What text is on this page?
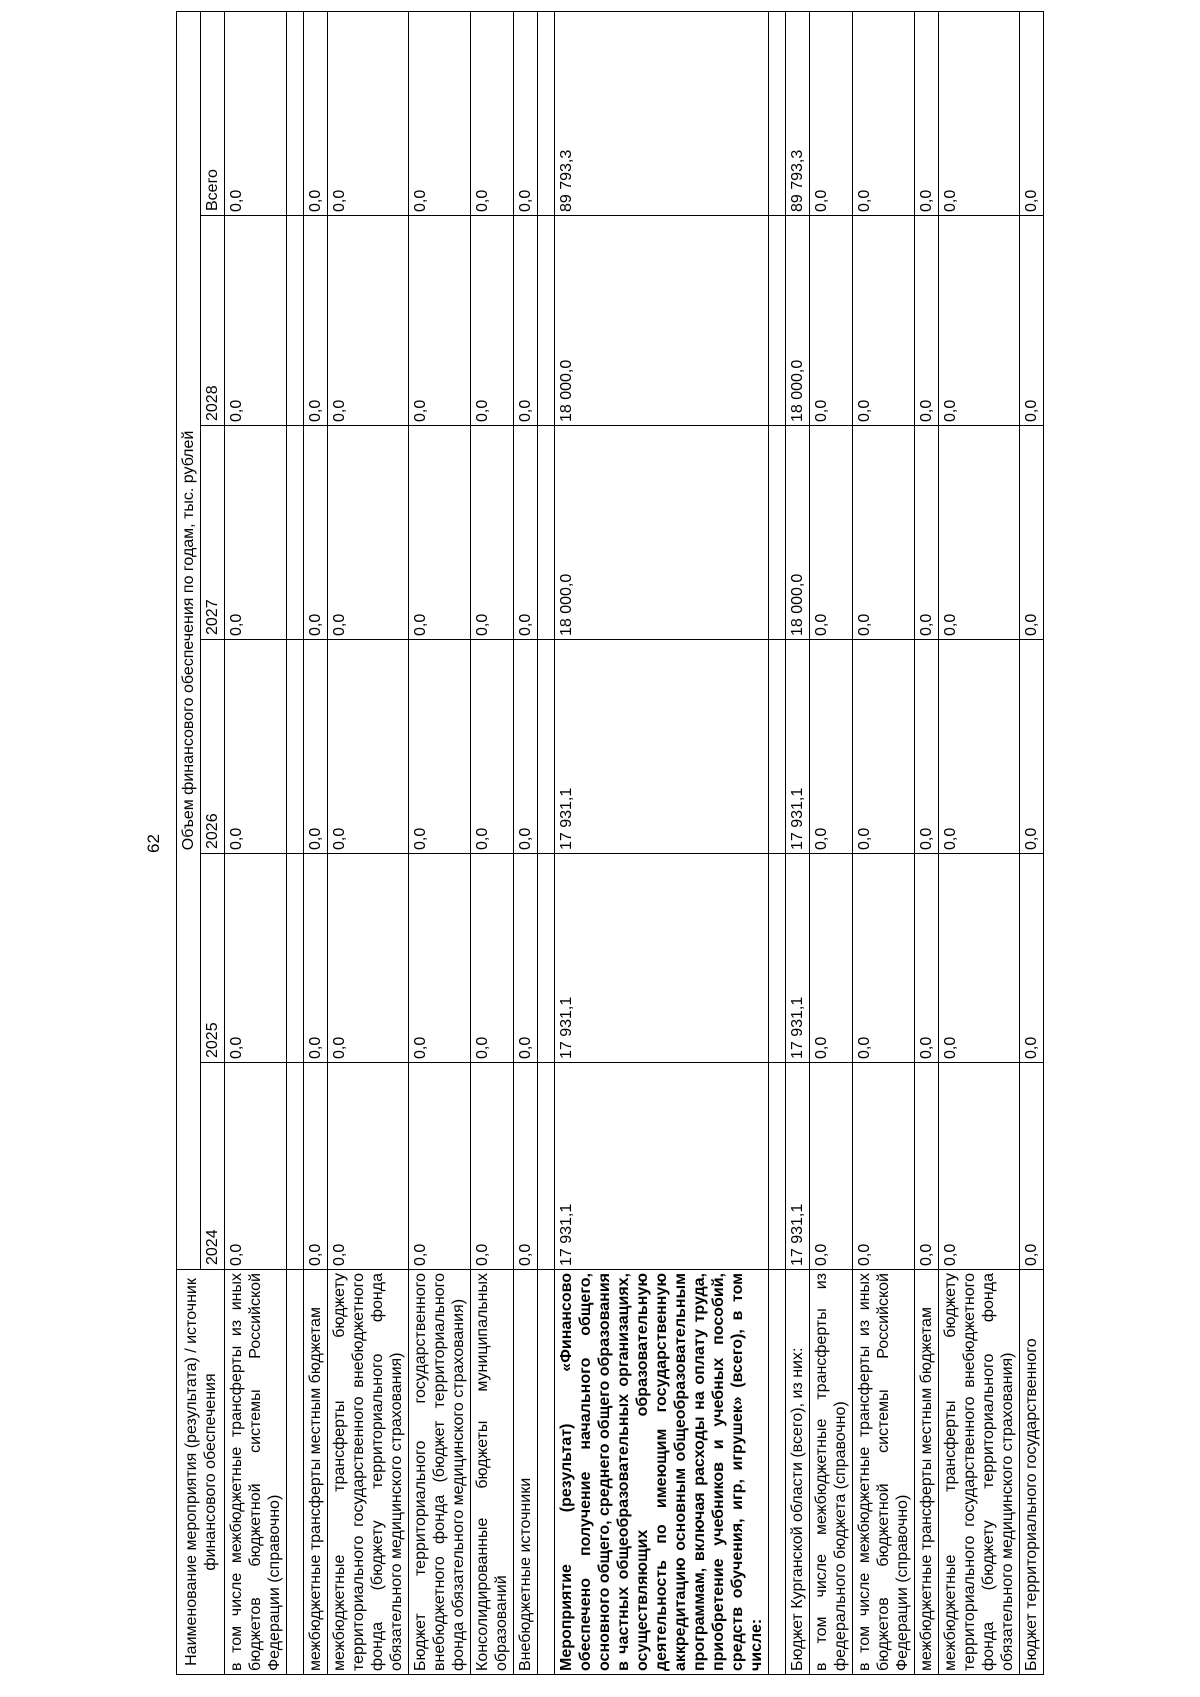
62
Наименование мероприятия (результата) / источник финансового обеспечения	Объем финансового обеспечения по годам, тыс. рублей					
	2024	2025	2026	2027	2028	Всего
в том числе межбюджетные трансферты из иных бюджетов бюджетной системы Российской Федерации (справочно)	0,0	0,0	0,0	0,0	0,0	0,0

межбюджетные трансферты местным бюджетам	0,0	0,0	0,0	0,0	0,0	0,0
межбюджетные трансферты бюджету территориального государственного внебюджетного фонда (бюджету территориального фонда обязательного медицинского страхования)	0,0	0,0	0,0	0,0	0,0	0,0
Бюджет территориального государственного внебюджетного фонда (бюджет территориального фонда обязательного медицинского страхования)	0,0	0,0	0,0	0,0	0,0	0,0
Консолидированные бюджеты муниципальных образований	0,0	0,0	0,0	0,0	0,0	0,0
Внебюджетные источники	0,0	0,0	0,0	0,0	0,0	0,0

Мероприятие (результат) «Финансово обеспечено получение начального общего, основного общего, среднего общего образования в частных общеобразовательных организациях, осуществляющих образовательную деятельность по имеющим государственную аккредитацию основным общеобразовательным программам, включая расходы на оплату труда, приобретение учебников и учебных пособий, средств обучения, игр, игрушек» (всего), в том числе:	17 931,1	17 931,1	17 931,1	18 000,0	18 000,0	89 793,3

Бюджет Курганской области (всего), из них:	17 931,1	17 931,1	17 931,1	18 000,0	18 000,0	89 793,3
в том числе межбюджетные трансферты из федерального бюджета (справочно)	0,0	0,0	0,0	0,0	0,0	0,0
в том числе межбюджетные трансферты из иных бюджетов бюджетной системы Российской Федерации (справочно)	0,0	0,0	0,0	0,0	0,0	0,0
межбюджетные трансферты местным бюджетам	0,0	0,0	0,0	0,0	0,0	0,0
межбюджетные трансферты бюджету территориального государственного внебюджетного фонда (бюджету территориального фонда обязательного медицинского страхования)	0,0	0,0	0,0	0,0	0,0	0,0
Бюджет территориального государственного	0,0	0,0	0,0	0,0	0,0	0,0
